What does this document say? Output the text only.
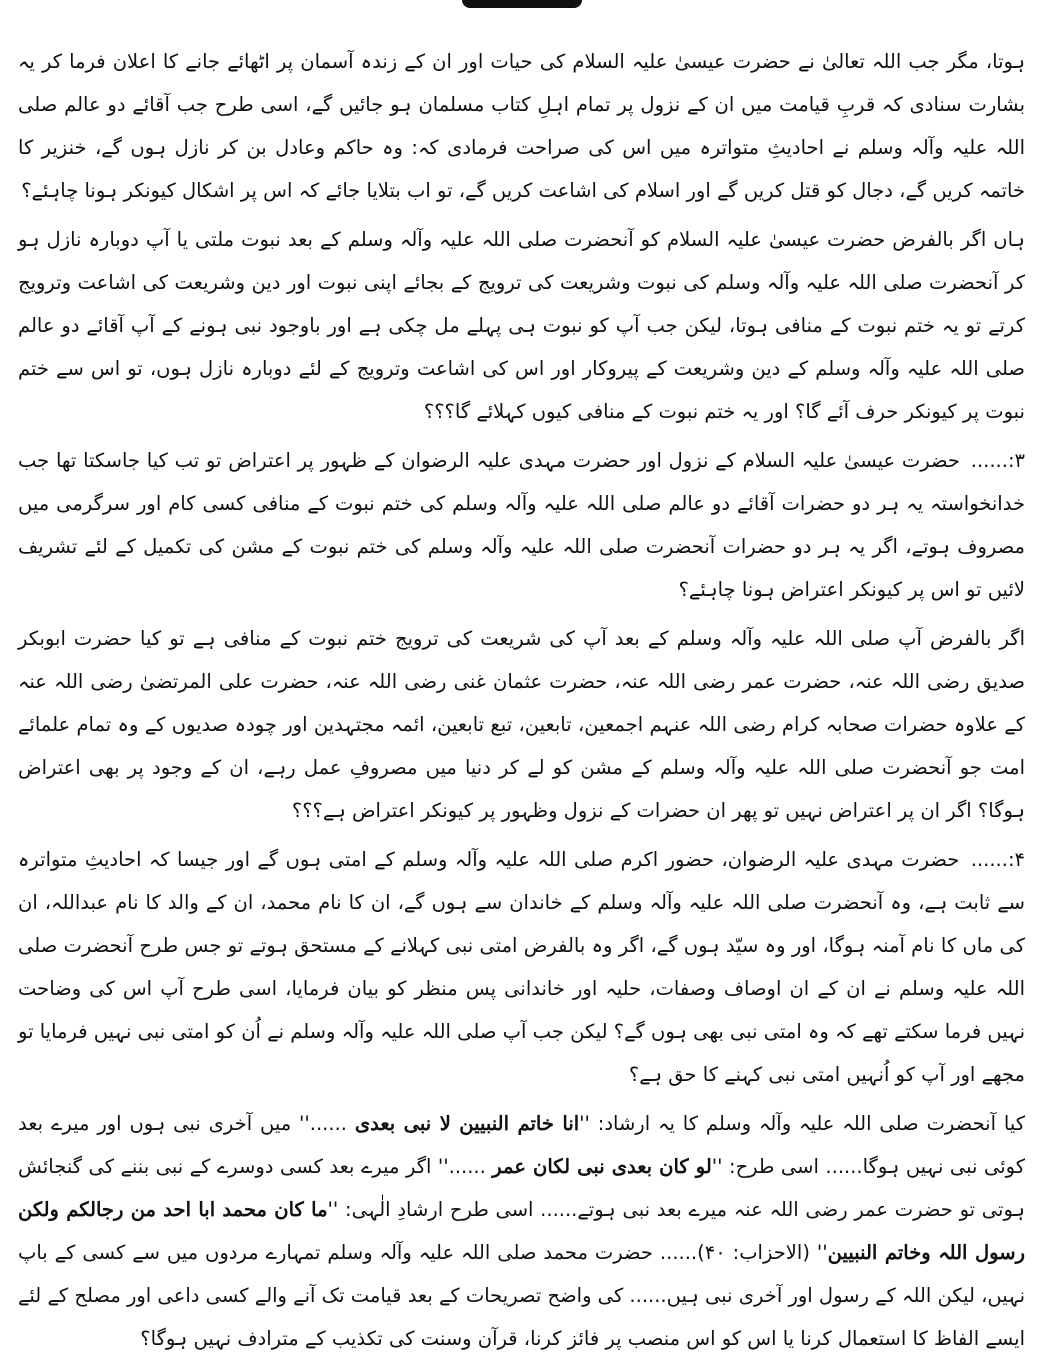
ہوتا، مگر جب اللہ تعالیٰ نے حضرت عیسیٰ علیہ السلام کی حیات اور ان کے زندہ آسمان پر اٹھائے جانے کا اعلان فرما کر یہ بشارت سنادی کہ قربِ قیامت میں ان کے نزول پر تمام اہلِ کتاب مسلمان ہو جائیں گے، اسی طرح جب آقائے دو عالم صلی اللہ علیہ وآلہ وسلم نے احادیثِ متواترہ میں اس کی صراحت فرمادی کہ: وہ حاکم وعادل بن کر نازل ہوں گے، خنزیر کا خاتمہ کریں گے، دجال کو قتل کریں گے اور اسلام کی اشاعت کریں گے، تو اب بتلایا جائے کہ اس پر اشکال کیونکر ہونا چاہئے؟

ہاں اگر بالفرض حضرت عیسیٰ علیہ السلام کو آنحضرت صلی اللہ علیہ وآلہ وسلم کے بعد نبوت ملتی یا آپ دوبارہ نازل ہو کر آنحضرت صلی اللہ علیہ وآلہ وسلم کی نبوت وشریعت کی ترویج کے بجائے اپنی نبوت اور دین وشریعت کی اشاعت وترویج کرتے تو یہ ختم نبوت کے منافی ہوتا، لیکن جب آپ کو نبوت ہی پہلے مل چکی ہے اور باوجود نبی ہونے کے آپ آقائے دو عالم صلی اللہ علیہ وآلہ وسلم کے دین وشریعت کے پیروکار اور اس کی اشاعت وترویج کے لئے دوبارہ نازل ہوں، تو اس سے ختم نبوت پر کیونکر حرف آئے گا؟ اور یہ ختم نبوت کے منافی کیوں کہلائے گا؟؟؟

۳:...... حضرت عیسیٰ علیہ السلام کے نزول اور حضرت مہدی علیہ الرضوان کے ظہور پر اعتراض تو تب کیا جاسکتا تھا جب خدانخواستہ یہ ہر دو حضرات آقائے دو عالم صلی اللہ علیہ وآلہ وسلم کی ختم نبوت کے منافی کسی کام اور سرگرمی میں مصروف ہوتے، اگر یہ ہر دو حضرات آنحضرت صلی اللہ علیہ وآلہ وسلم کی ختم نبوت کے مشن کی تکمیل کے لئے تشریف لائیں تو اس پر کیونکر اعتراض ہونا چاہئے؟

اگر بالفرض آپ صلی اللہ علیہ وآلہ وسلم کے بعد آپ کی شریعت کی ترویج ختم نبوت کے منافی ہے تو کیا حضرت ابوبکر صدیق رضی اللہ عنہ، حضرت عمر رضی اللہ عنہ، حضرت عثمان غنی رضی اللہ عنہ، حضرت علی المرتضیٰ رضی اللہ عنہ کے علاوہ حضرات صحابہ کرام رضی اللہ عنہم اجمعین، تابعین، تبع تابعین، ائمہ مجتہدین اور چودہ صدیوں کے وہ تمام علمائے امت جو آنحضرت صلی اللہ علیہ وآلہ وسلم کے مشن کو لے کر دنیا میں مصروفِ عمل رہے، ان کے وجود پر بھی اعتراض ہوگا؟ اگر ان پر اعتراض نہیں تو پھر ان حضرات کے نزول وظہور پر کیونکر اعتراض ہے؟؟؟

۴:...... حضرت مہدی علیہ الرضوان، حضور اکرم صلی اللہ علیہ وآلہ وسلم کے امتی ہوں گے اور جیسا کہ احادیثِ متواترہ سے ثابت ہے، وہ آنحضرت صلی اللہ علیہ وآلہ وسلم کے خاندان سے ہوں گے، ان کا نام محمد، ان کے والد کا نام عبداللہ، ان کی ماں کا نام آمنہ ہوگا، اور وہ سیّد ہوں گے، اگر وہ بالفرض امتی نبی کہلانے کے مستحق ہوتے تو جس طرح آنحضرت صلی اللہ علیہ وسلم نے ان کے ان اوصاف وصفات، حلیہ اور خاندانی پس منظر کو بیان فرمایا، اسی طرح آپ اس کی وضاحت نہیں فرما سکتے تھے کہ وہ امتی نبی بھی ہوں گے؟ لیکن جب آپ صلی اللہ علیہ وآلہ وسلم نے اُن کو امتی نبی نہیں فرمایا تو مجھے اور آپ کو اُنہیں امتی نبی کہنے کا حق ہے؟

کیا آنحضرت صلی اللہ علیہ وآلہ وسلم کا یہ ارشاد: ''انا خاتم النبیین لا نبی بعدی ......'' میں آخری نبی ہوں اور میرے بعد کوئی نبی نہیں ہوگا...... اسی طرح: ''لو کان بعدی نبی لکان عمر ......'' اگر میرے بعد کسی دوسرے کے نبی بننے کی گنجائش ہوتی تو حضرت عمر رضی اللہ عنہ میرے بعد نبی ہوتے...... اسی طرح ارشادِ الٰہی: ''ما کان محمد ابا احد من رجالکم ولکن رسول اللہ وخاتم النبیین'' (الاحزاب: ۴۰)...... حضرت محمد صلی اللہ علیہ وآلہ وسلم تمہارے مردوں میں سے کسی کے باپ نہیں، لیکن اللہ کے رسول اور آخری نبی ہیں...... کی واضح تصریحات کے بعد قیامت تک آنے والے کسی داعی اور مصلح کے لئے ایسے الفاظ کا استعمال کرنا یا اس کو اس منصب پر فائز کرنا، قرآن وسنت کی تکذیب کے مترادف نہیں ہوگا؟
